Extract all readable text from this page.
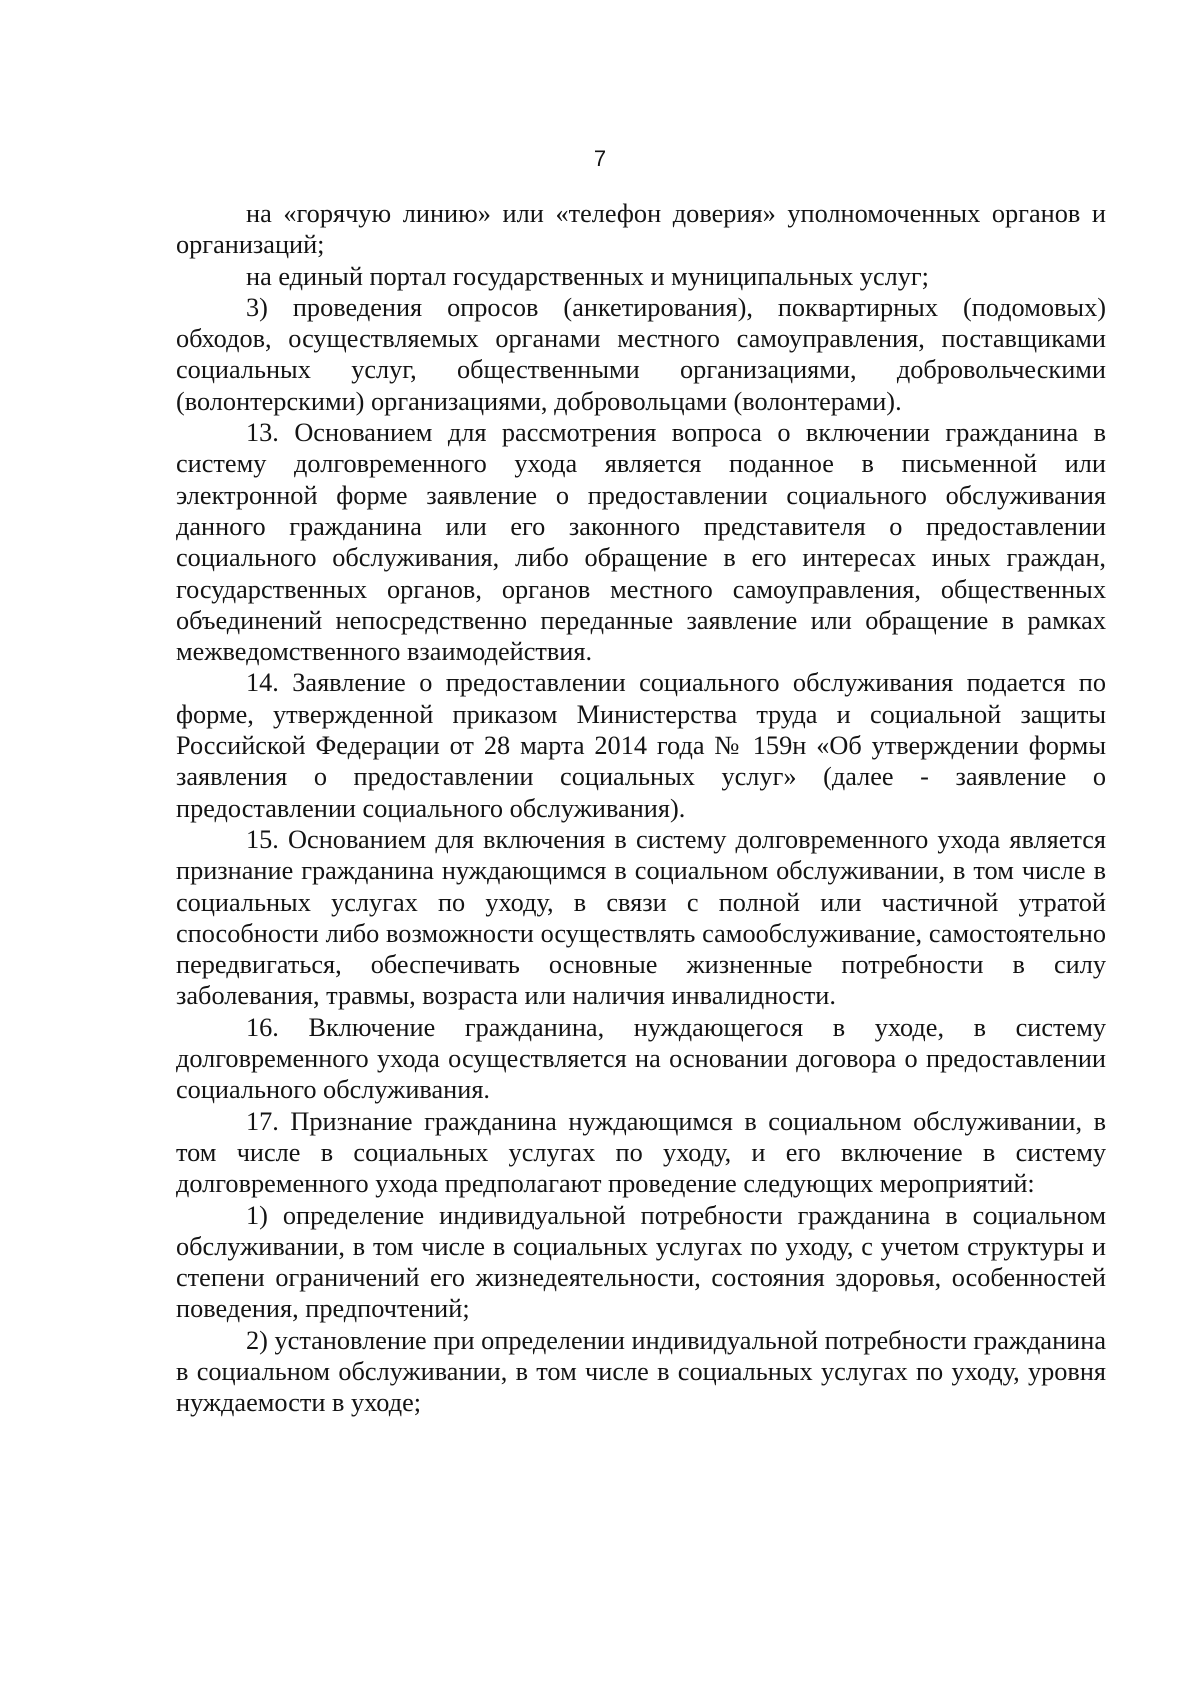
7

на «горячую линию» или «телефон доверия» уполномоченных органов и организаций;

на единый портал государственных и муниципальных услуг;

3) проведения опросов (анкетирования), поквартирных (подомовых) обходов, осуществляемых органами местного самоуправления, поставщиками социальных услуг, общественными организациями, добровольческими (волонтерскими) организациями, добровольцами (волонтерами).

13. Основанием для рассмотрения вопроса о включении гражданина в систему долговременного ухода является поданное в письменной или электронной форме заявление о предоставлении социального обслуживания данного гражданина или его законного представителя о предоставлении социального обслуживания, либо обращение в его интересах иных граждан, государственных органов, органов местного самоуправления, общественных объединений непосредственно переданные заявление или обращение в рамках межведомственного взаимодействия.

14. Заявление о предоставлении социального обслуживания подается по форме, утвержденной приказом Министерства труда и социальной защиты Российской Федерации от 28 марта 2014 года № 159н «Об утверждении формы заявления о предоставлении социальных услуг» (далее - заявление о предоставлении социального обслуживания).

15. Основанием для включения в систему долговременного ухода является признание гражданина нуждающимся в социальном обслуживании, в том числе в социальных услугах по уходу, в связи с полной или частичной утратой способности либо возможности осуществлять самообслуживание, самостоятельно передвигаться, обеспечивать основные жизненные потребности в силу заболевания, травмы, возраста или наличия инвалидности.

16. Включение гражданина, нуждающегося в уходе, в систему долговременного ухода осуществляется на основании договора о предоставлении социального обслуживания.

17. Признание гражданина нуждающимся в социальном обслуживании, в том числе в социальных услугах по уходу, и его включение в систему долговременного ухода предполагают проведение следующих мероприятий:

1) определение индивидуальной потребности гражданина в социальном обслуживании, в том числе в социальных услугах по уходу, с учетом структуры и степени ограничений его жизнедеятельности, состояния здоровья, особенностей поведения, предпочтений;

2) установление при определении индивидуальной потребности гражданина в социальном обслуживании, в том числе в социальных услугах по уходу, уровня нуждаемости в уходе;
